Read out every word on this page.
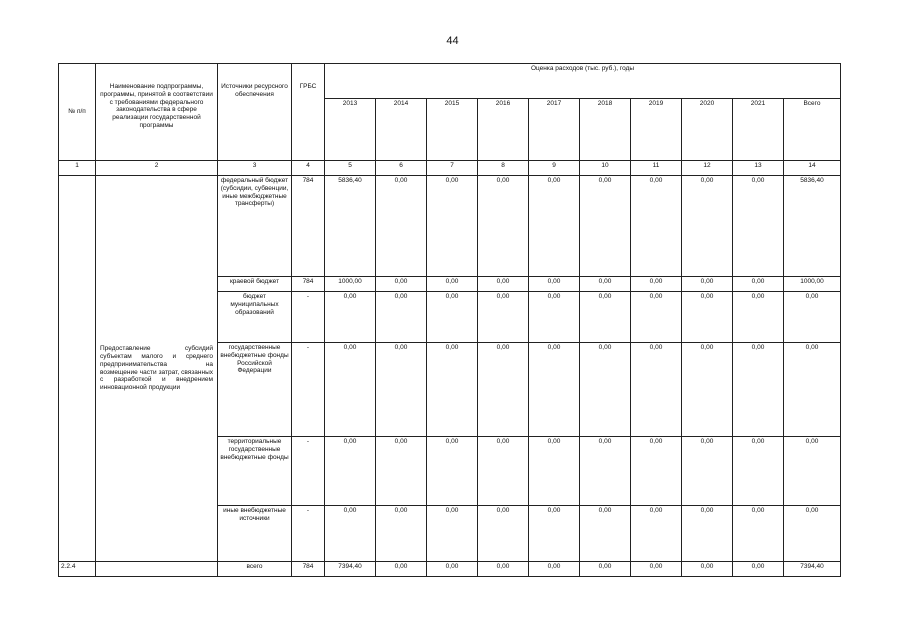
44
№ п/п	Наименование подпрограммы, программы, принятой в соответствии с требованиями федерального законодательства в сфере реализации государственной программы	Источники ресурсного обеспечения	ГРБС	Оценка расходов (тыс. руб.), годы									
				2013	2014	2015	2016	2017	2018	2019	2020	2021	Всего
1	2	3	4	5	6	7	8	9	10	11	12	13	14
	Предоставление субсидий субъектам малого и среднего предпринимательства на возмещение части затрат, связанных с разработкой и внедрением инновационной продукции	федеральный бюджет (субсидии, субвенции, иные межбюджетные трансферты)	784	5836,40	0,00	0,00	0,00	0,00	0,00	0,00	0,00	0,00	5836,40
		краевой бюджет	784	1000,00	0,00	0,00	0,00	0,00	0,00	0,00	0,00	0,00	1000,00
		бюджет муниципальных образований	-	0,00	0,00	0,00	0,00	0,00	0,00	0,00	0,00	0,00	0,00
		государственные внебюджетные фонды Российской Федерации	-	0,00	0,00	0,00	0,00	0,00	0,00	0,00	0,00	0,00	0,00
		территориальные государственные внебюджетные фонды	-	0,00	0,00	0,00	0,00	0,00	0,00	0,00	0,00	0,00	0,00
		иные внебюджетные источники	-	0,00	0,00	0,00	0,00	0,00	0,00	0,00	0,00	0,00	0,00
2.2.4		всего	784	7394,40	0,00	0,00	0,00	0,00	0,00	0,00	0,00	0,00	7394,40
